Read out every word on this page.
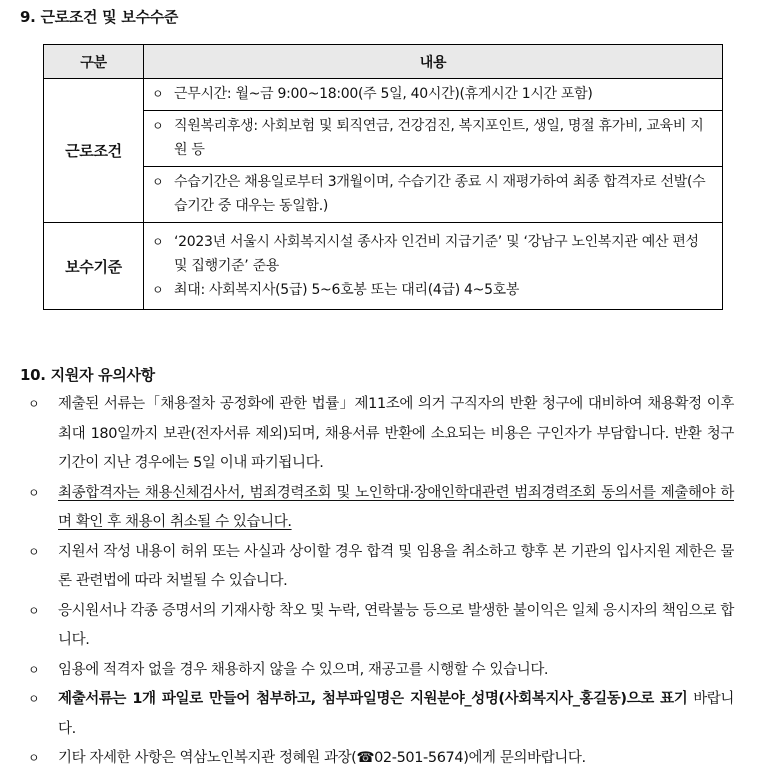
9. 근로조건 및 보수수준
구분	내용
근로조건	ㅇ 근무시간: 월~금 9:00~18:00(주 5일, 40시간)(휴게시간 1시간 포함)

	ㅇ 직원복리후생: 사회보험 및 퇴직연금, 건강검진, 복지포인트, 생일, 명절 휴가비, 교육비 지원 등

	ㅇ 수습기간은 채용일로부터 3개월이며, 수습기간 종료 시 재평가하여 최종 합격자로 선발(수습기간 중 대우는 동일함.)

보수기준	ㅇ ‘2023년 서울시 사회복지시설 종사자 인건비 지급기준’ 및 ‘강남구 노인복지관 예산 편성 및 집행기준’ 준용
ㅇ 최대: 사회복지사(5급) 5~6호봉 또는 대리(4급) 4~5호봉
10. 지원자 유의사항
ㅇ	제출된 서류는「채용절차 공정화에 관한 법률」제11조에 의거 구직자의 반환 청구에 대비하여 채용확정 이후 최대 180일까지 보관(전자서류 제외)되며, 채용서류 반환에 소요되는 비용은 구인자가 부담합니다. 반환 청구기간이 지난 경우에는 5일 이내 파기됩니다.
ㅇ	최종합격자는 채용신체검사서, 범죄경력조회 및 노인학대·장애인학대관련 범죄경력조회 동의서를 제출해야 하며 확인 후 채용이 취소될 수 있습니다.
ㅇ	지원서 작성 내용이 허위 또는 사실과 상이할 경우 합격 및 임용을 취소하고 향후 본 기관의 입사지원 제한은 물론 관련법에 따라 처벌될 수 있습니다.
ㅇ	응시원서나 각종 증명서의 기재사항 착오 및 누락, 연락불능 등으로 발생한 불이익은 일체 응시자의 책임으로 합니다.
ㅇ	임용에 적격자 없을 경우 채용하지 않을 수 있으며, 재공고를 시행할 수 있습니다.
ㅇ	제출서류는 1개 파일로 만들어 첨부하고, 첨부파일명은 지원분야_성명(사회복지사_홍길동)으로 표기 바랍니다.
ㅇ	기타 자세한 사항은 역삼노인복지관 정혜원 과장(☎02-501-5674)에게 문의바랍니다.
